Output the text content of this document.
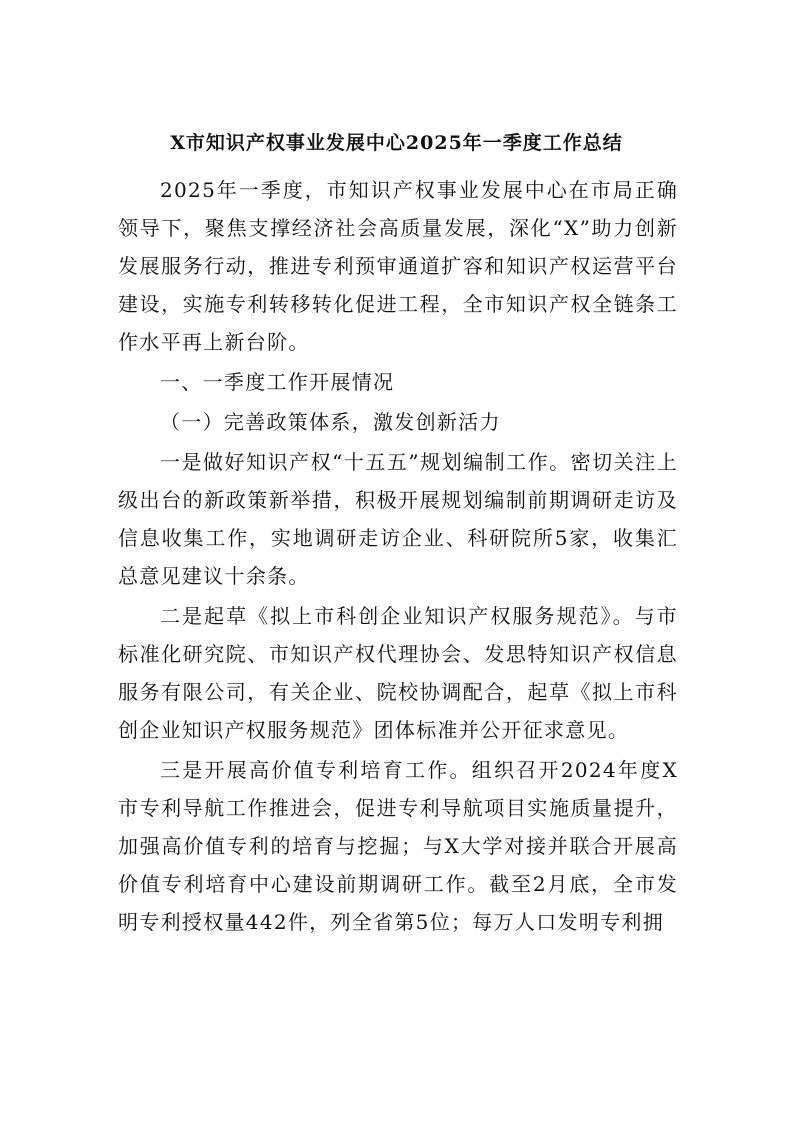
X市知识产权事业发展中心2025年一季度工作总结

2025年一季度，市知识产权事业发展中心在市局正确领导下，聚焦支撑经济社会高质量发展，深化“X”助力创新发展服务行动，推进专利预审通道扩容和知识产权运营平台建设，实施专利转移转化促进工程，全市知识产权全链条工作水平再上新台阶。

一、一季度工作开展情况

（一）完善政策体系，激发创新活力

一是做好知识产权“十五五”规划编制工作。密切关注上级出台的新政策新举措，积极开展规划编制前期调研走访及信息收集工作，实地调研走访企业、科研院所5家，收集汇总意见建议十余条。

二是起草《拟上市科创企业知识产权服务规范》。与市标准化研究院、市知识产权代理协会、发思特知识产权信息服务有限公司，有关企业、院校协调配合，起草《拟上市科创企业知识产权服务规范》团体标准并公开征求意见。

三是开展高价值专利培育工作。组织召开2024年度X市专利导航工作推进会，促进专利导航项目实施质量提升，加强高价值专利的培育与挖掘；与X大学对接并联合开展高价值专利培育中心建设前期调研工作。截至2月底，全市发明专利授权量442件，列全省第5位；每万人口发明专利拥
